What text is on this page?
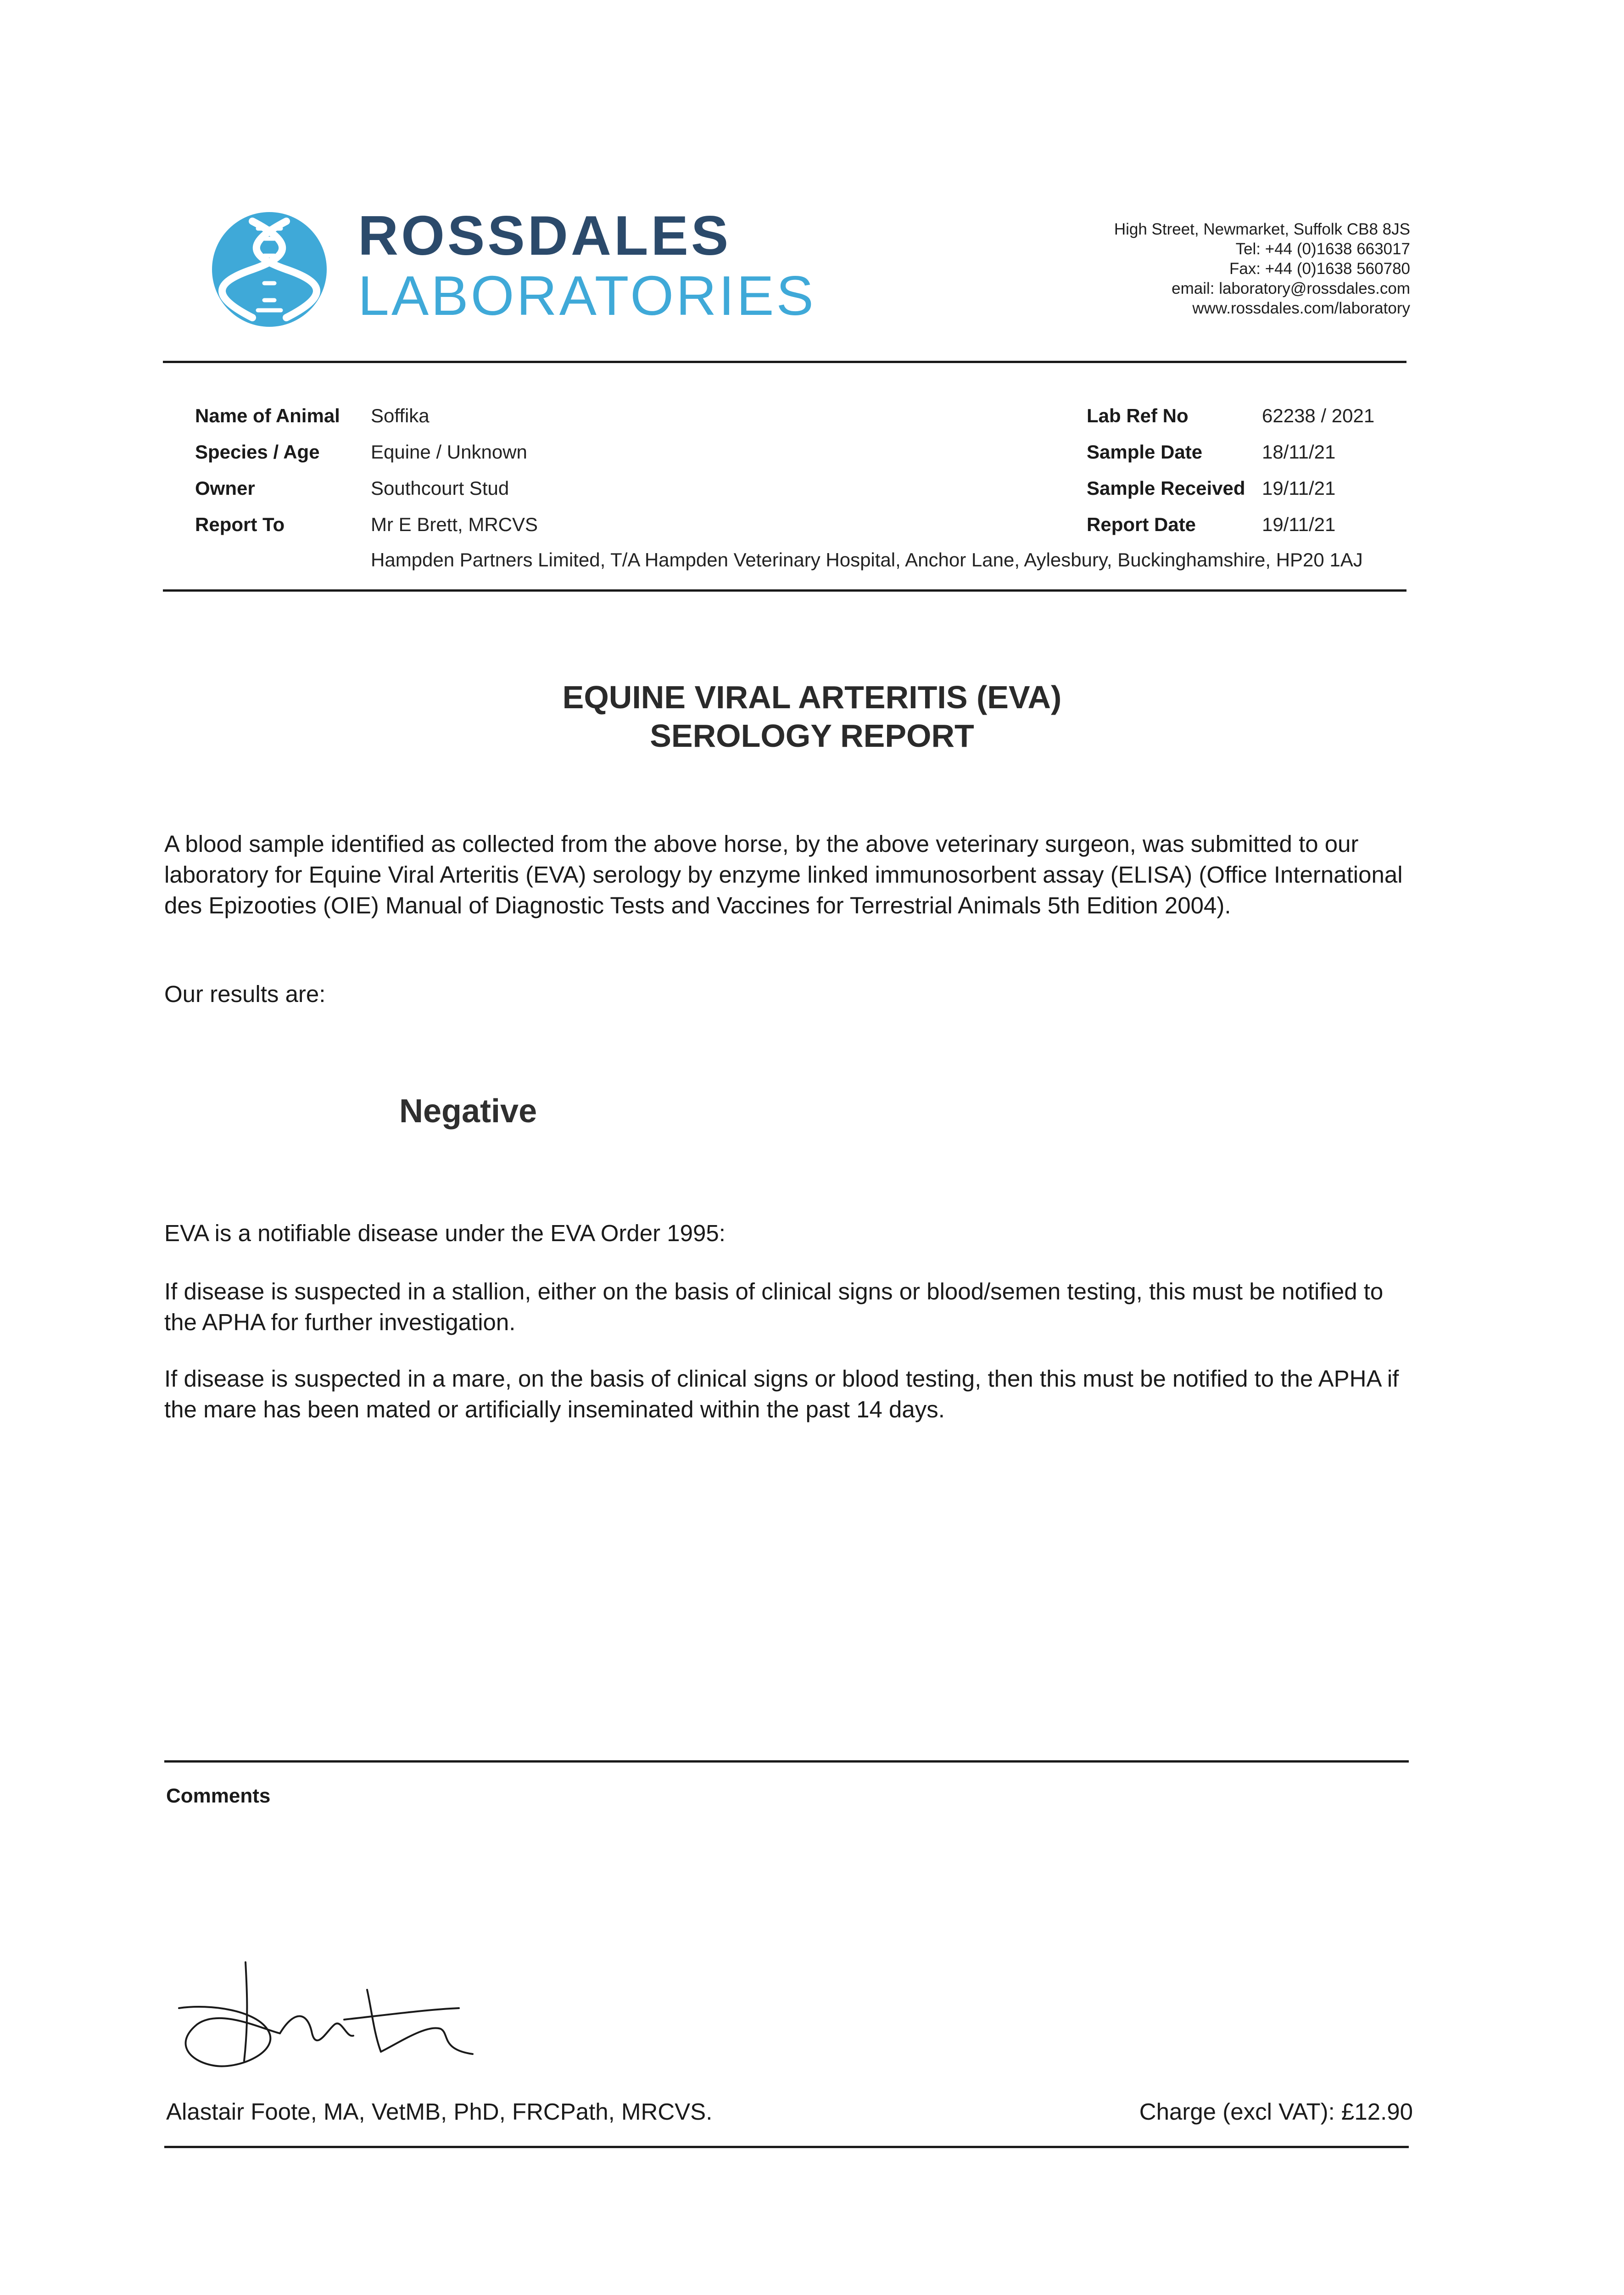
ROSSDALES
LABORATORIES
High Street, Newmarket, Suffolk CB8 8JS
Tel: +44 (0)1638 663017
Fax: +44 (0)1638 560780
email: laboratory@rossdales.com
www.rossdales.com/laboratory
Name of Animal Soffika
Species / Age	Equine / Unknown
Owner	Southcourt Stud
Report To	Mr E Brett, MRCVS
Hampden Partners Limited, T/A Hampden Veterinary Hospital, Anchor Lane, Aylesbury, Buckinghamshire, HP20 1AJ
Lab Ref No	62238 / 2021
Sample Date	18/11/21
Sample Received 19/11/21
Report Date	19/11/21
EQUINE VIRAL ARTERITIS (EVA)
SEROLOGY REPORT
A blood sample identified as collected from the above horse, by the above veterinary surgeon, was submitted to our laboratory for Equine Viral Arteritis (EVA) serology by enzyme linked immunosorbent assay (ELISA) (Office International des Epizooties (OIE) Manual of Diagnostic Tests and Vaccines for Terrestrial Animals 5th Edition 2004).
Our results are:
Negative
EVA is a notifiable disease under the EVA Order 1995:
If disease is suspected in a stallion, either on the basis of clinical signs or blood/semen testing, this must be notified to the APHA for further investigation.
If disease is suspected in a mare, on the basis of clinical signs or blood testing, then this must be notified to the APHA if the mare has been mated or artificially inseminated within the past 14 days.
Comments
Alastair Foote, MA, VetMB, PhD, FRCPath, MRCVS.	Charge (excl VAT): £12.90
